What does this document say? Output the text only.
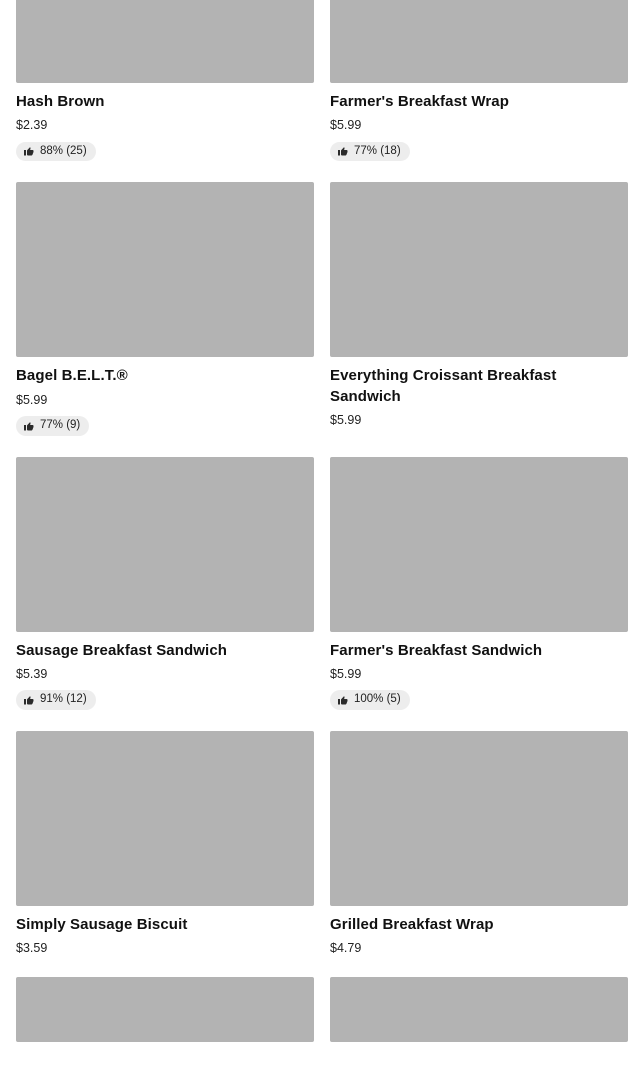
Hash Brown
$2.39
88% (25)
Farmer's Breakfast Wrap
$5.99
77% (18)
Bagel B.E.L.T.®
$5.99
77% (9)
Everything Croissant Breakfast Sandwich
$5.99
Sausage Breakfast Sandwich
$5.39
91% (12)
Farmer's Breakfast Sandwich
$5.99
100% (5)
Simply Sausage Biscuit
$3.59
Grilled Breakfast Wrap
$4.79
